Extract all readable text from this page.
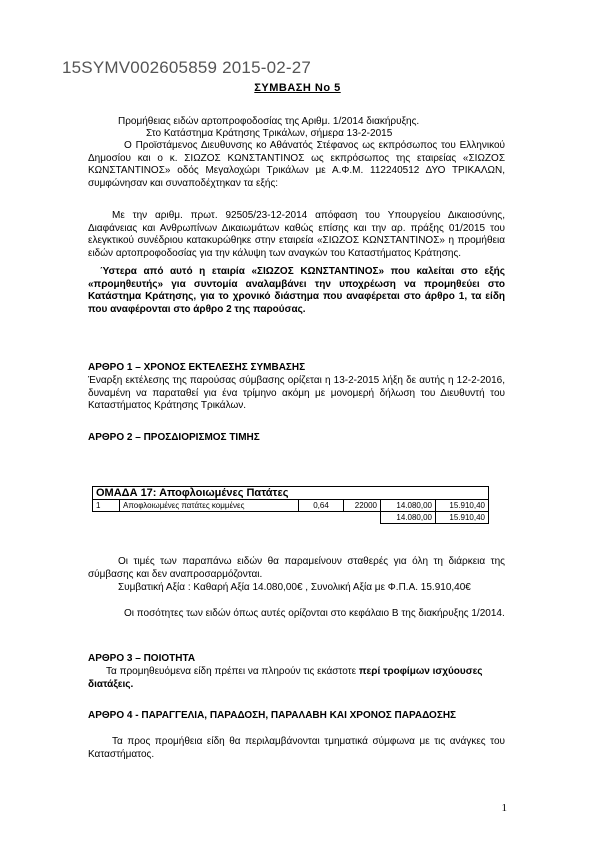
15SYMV002605859 2015-02-27
ΣΥΜΒΑΣΗ Νο 5
Προμήθειας ειδών αρτοπροφοδοσίας της Αριθμ. 1/2014 διακήρυξης.
Στο Κατάστημα Κράτησης Τρικάλων, σήμερα 13-2-2015
Ο Προϊστάμενος Διευθυνσης κο Αθάνατός Στέφανος ως εκπρόσωπος του Ελληνικού Δημοσίου και ο κ. ΣΙΩΖΟΣ ΚΩΝΣΤΑΝΤΙΝΟΣ ως εκπρόσωπος της εταιρείας «ΣΙΩΖΟΣ ΚΩΝΣΤΑΝΤΙΝΟΣ» οδός Μεγαλοχώρι Τρικάλων με Α.Φ.Μ. 112240512 ΔΥΟ ΤΡΙΚΑΛΩΝ, συμφώνησαν και συναποδέχτηκαν τα εξής:
Με την αριθμ. πρωτ. 92505/23-12-2014 απόφαση του Υπουργείου Δικαιοσύνης, Διαφάνειας και Ανθρωπίνων Δικαιωμάτων καθώς επίσης και την αρ. πράξης 01/2015 του ελεγκτικού συνέδριου κατακυρώθηκε στην εταιρεία «ΣΙΩΖΟΣ ΚΩΝΣΤΑΝΤΙΝΟΣ» η προμήθεια ειδών αρτοπροφοδοσίας για την κάλυψη των αναγκών του Καταστήματος Κράτησης.
Ύστερα από αυτό η εταιρία «ΣΙΩΖΟΣ ΚΩΝΣΤΑΝΤΙΝΟΣ» που καλείται στο εξής «προμηθευτής» για συντομία αναλαμβάνει την υποχρέωση να προμηθεύει στο Κατάστημα Κράτησης, για το χρονικό διάστημα που αναφέρεται στο άρθρο 1, τα είδη που αναφέρονται στο άρθρο 2 της παρούσας.
ΑΡΘΡΟ 1 – ΧΡΟΝΟΣ ΕΚΤΕΛΕΣΗΣ ΣΥΜΒΑΣΗΣ
Έναρξη εκτέλεσης της παρούσας σύμβασης ορίζεται η 13-2-2015 λήξη δε αυτής η 12-2-2016, δυναμένη να παραταθεί για ένα τρίμηνο ακόμη με μονομερή δήλωση του Διευθυντή του Καταστήματος Κράτησης Τρικάλων.
ΑΡΘΡΟ 2 – ΠΡΟΣΔΙΟΡΙΣΜΟΣ ΤΙΜΗΣ
ΟΜΑΔΑ 17: Αποφλοιωμένες Πατάτες					
1	Αποφλοιωμένες πατάτες κομμένες	0,64	22000	14.080,00	15.910,40
				14.080,00	15.910,40
Οι τιμές των παραπάνω ειδών θα παραμείνουν σταθερές για όλη τη διάρκεια της σύμβασης και δεν αναπροσαρμόζονται.
Συμβατική Αξία : Καθαρή Αξία 14.080,00€ , Συνολική Αξία με Φ.Π.Α. 15.910,40€
Οι ποσότητες των ειδών όπως αυτές ορίζονται στο κεφάλαιο Β της διακήρυξης 1/2014.
ΑΡΘΡΟ 3 – ΠΟΙΟΤΗΤΑ
Τα προμηθευόμενα είδη πρέπει να πληρούν τις εκάστοτε περί τροφίμων ισχύουσες διατάξεις.
ΑΡΘΡΟ 4 - ΠΑΡΑΓΓΕΛΙΑ, ΠΑΡΑΔΟΣΗ, ΠΑΡΑΛΑΒΗ ΚΑΙ ΧΡΟΝΟΣ ΠΑΡΑΔΟΣΗΣ
Τα προς προμήθεια είδη θα περιλαμβάνονται τμηματικά σύμφωνα με τις ανάγκες του Καταστήματος.
1
